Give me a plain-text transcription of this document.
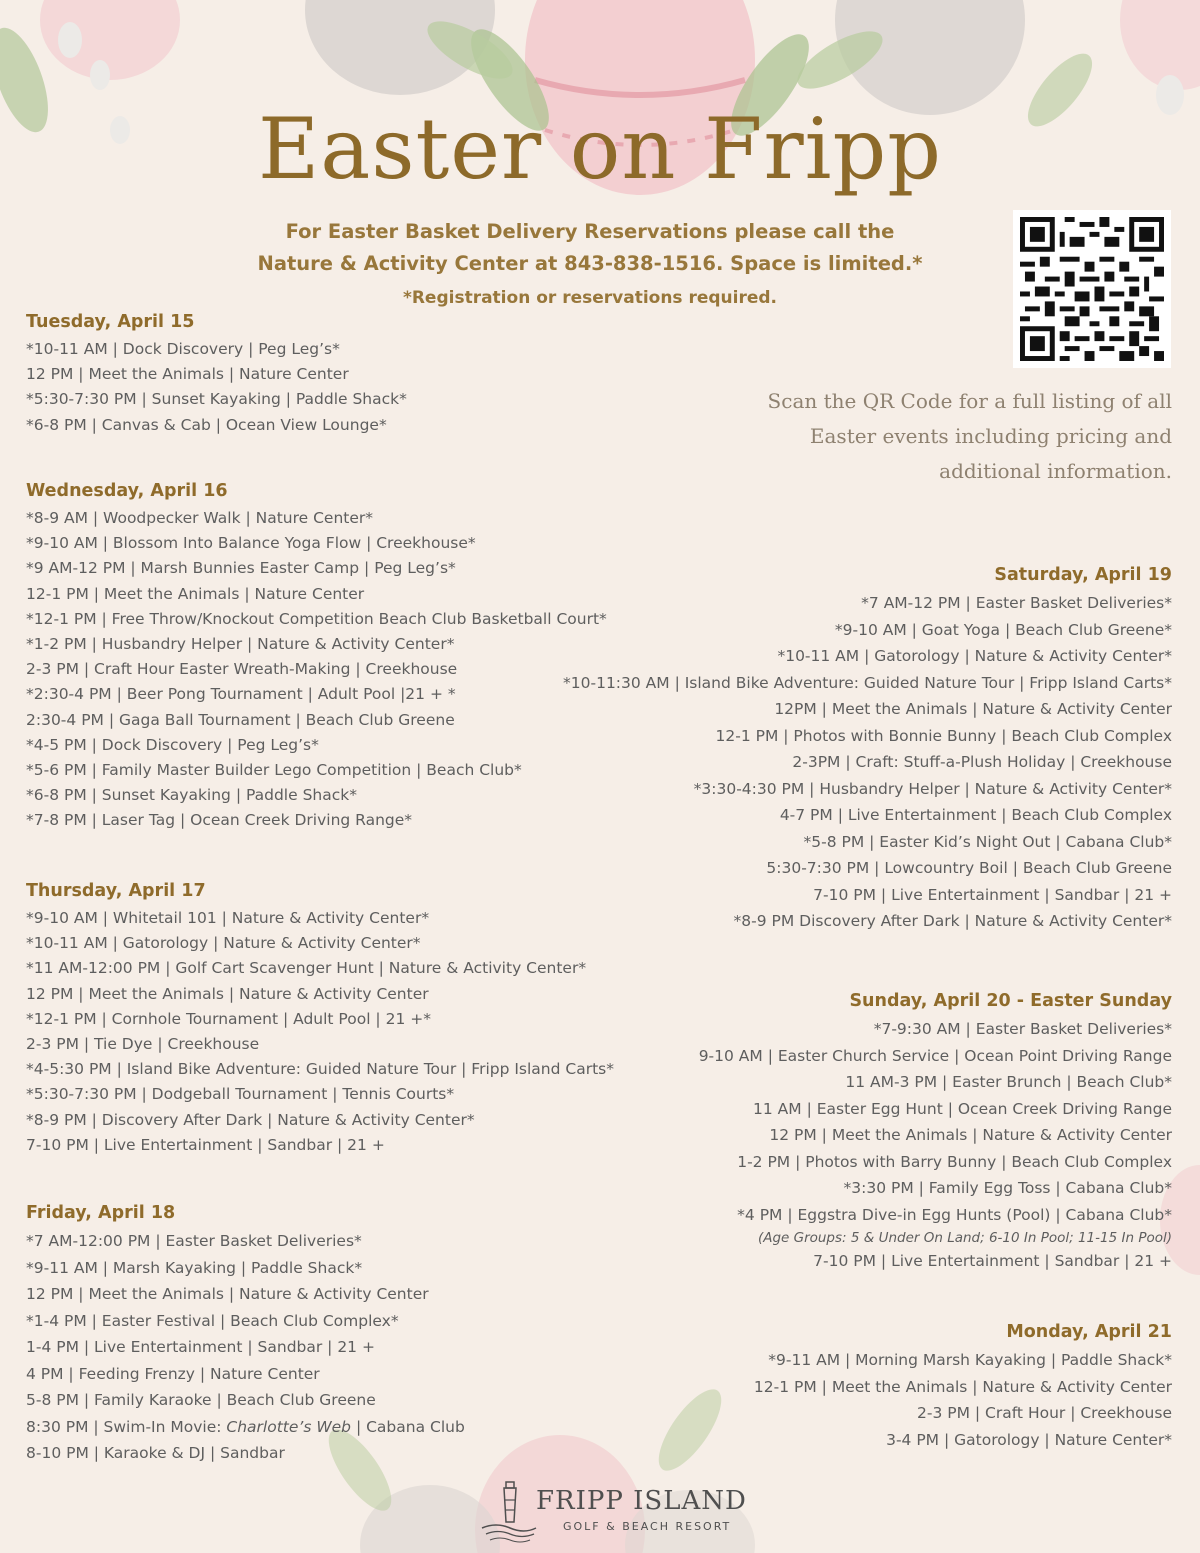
Easter on Fripp
For Easter Basket Delivery Reservations please call the
Nature & Activity Center at 843-838-1516. Space is limited.*
*Registration or reservations required.
Scan the QR Code for a full listing of all
Easter events including pricing and
additional information.
Tuesday, April 15
*10-11 AM | Dock Discovery | Peg Leg’s*
12 PM | Meet the Animals | Nature Center
*5:30-7:30 PM | Sunset Kayaking | Paddle Shack*
*6-8 PM | Canvas & Cab | Ocean View Lounge*
Wednesday, April 16
*8-9 AM | Woodpecker Walk | Nature Center*
*9-10 AM | Blossom Into Balance Yoga Flow | Creekhouse*
*9 AM-12 PM | Marsh Bunnies Easter Camp | Peg Leg’s*
12-1 PM | Meet the Animals | Nature Center
*12-1 PM | Free Throw/Knockout Competition Beach Club Basketball Court*
*1-2 PM | Husbandry Helper | Nature & Activity Center*
2-3 PM | Craft Hour Easter Wreath-Making | Creekhouse
*2:30-4 PM | Beer Pong Tournament | Adult Pool |21 + *
2:30-4 PM | Gaga Ball Tournament | Beach Club Greene
*4-5 PM | Dock Discovery | Peg Leg’s*
*5-6 PM | Family Master Builder Lego Competition | Beach Club*
*6-8 PM | Sunset Kayaking | Paddle Shack*
*7-8 PM | Laser Tag | Ocean Creek Driving Range*
Thursday, April 17
*9-10 AM | Whitetail 101 | Nature & Activity Center*
*10-11 AM | Gatorology | Nature & Activity Center*
*11 AM-12:00 PM | Golf Cart Scavenger Hunt | Nature & Activity Center*
12 PM | Meet the Animals | Nature & Activity Center
*12-1 PM | Cornhole Tournament | Adult Pool | 21 +*
2-3 PM | Tie Dye | Creekhouse
*4-5:30 PM | Island Bike Adventure: Guided Nature Tour | Fripp Island Carts*
*5:30-7:30 PM | Dodgeball Tournament | Tennis Courts*
*8-9 PM | Discovery After Dark | Nature & Activity Center*
7-10 PM | Live Entertainment | Sandbar | 21 +
Friday, April 18
*7 AM-12:00 PM | Easter Basket Deliveries*
*9-11 AM | Marsh Kayaking | Paddle Shack*
12 PM | Meet the Animals | Nature & Activity Center
*1-4 PM | Easter Festival | Beach Club Complex*
1-4 PM | Live Entertainment | Sandbar | 21 +
4 PM | Feeding Frenzy | Nature Center
5-8 PM | Family Karaoke | Beach Club Greene
8:30 PM | Swim-In Movie: Charlotte’s Web | Cabana Club
8-10 PM | Karaoke & DJ | Sandbar
Saturday, April 19
*7 AM-12 PM | Easter Basket Deliveries*
*9-10 AM | Goat Yoga | Beach Club Greene*
*10-11 AM | Gatorology | Nature & Activity Center*
*10-11:30 AM | Island Bike Adventure: Guided Nature Tour | Fripp Island Carts*
12PM | Meet the Animals | Nature & Activity Center
12-1 PM | Photos with Bonnie Bunny | Beach Club Complex
2-3PM | Craft: Stuff-a-Plush Holiday | Creekhouse
*3:30-4:30 PM | Husbandry Helper | Nature & Activity Center*
4-7 PM | Live Entertainment | Beach Club Complex
*5-8 PM | Easter Kid’s Night Out | Cabana Club*
5:30-7:30 PM | Lowcountry Boil | Beach Club Greene
7-10 PM | Live Entertainment | Sandbar | 21 +
*8-9 PM Discovery After Dark | Nature & Activity Center*
Sunday, April 20 - Easter Sunday
*7-9:30 AM | Easter Basket Deliveries*
9-10 AM | Easter Church Service | Ocean Point Driving Range
11 AM-3 PM | Easter Brunch | Beach Club*
11 AM | Easter Egg Hunt | Ocean Creek Driving Range
12 PM | Meet the Animals | Nature & Activity Center
1-2 PM | Photos with Barry Bunny | Beach Club Complex
*3:30 PM | Family Egg Toss | Cabana Club*
*4 PM | Eggstra Dive-in Egg Hunts (Pool) | Cabana Club*
(Age Groups: 5 & Under On Land; 6-10 In Pool; 11-15 In Pool)
7-10 PM | Live Entertainment | Sandbar | 21 +
Monday, April 21
*9-11 AM | Morning Marsh Kayaking | Paddle Shack*
12-1 PM | Meet the Animals | Nature & Activity Center
2-3 PM | Craft Hour | Creekhouse
3-4 PM | Gatorology | Nature Center*
FRIPP ISLAND
GOLF & BEACH RESORT
